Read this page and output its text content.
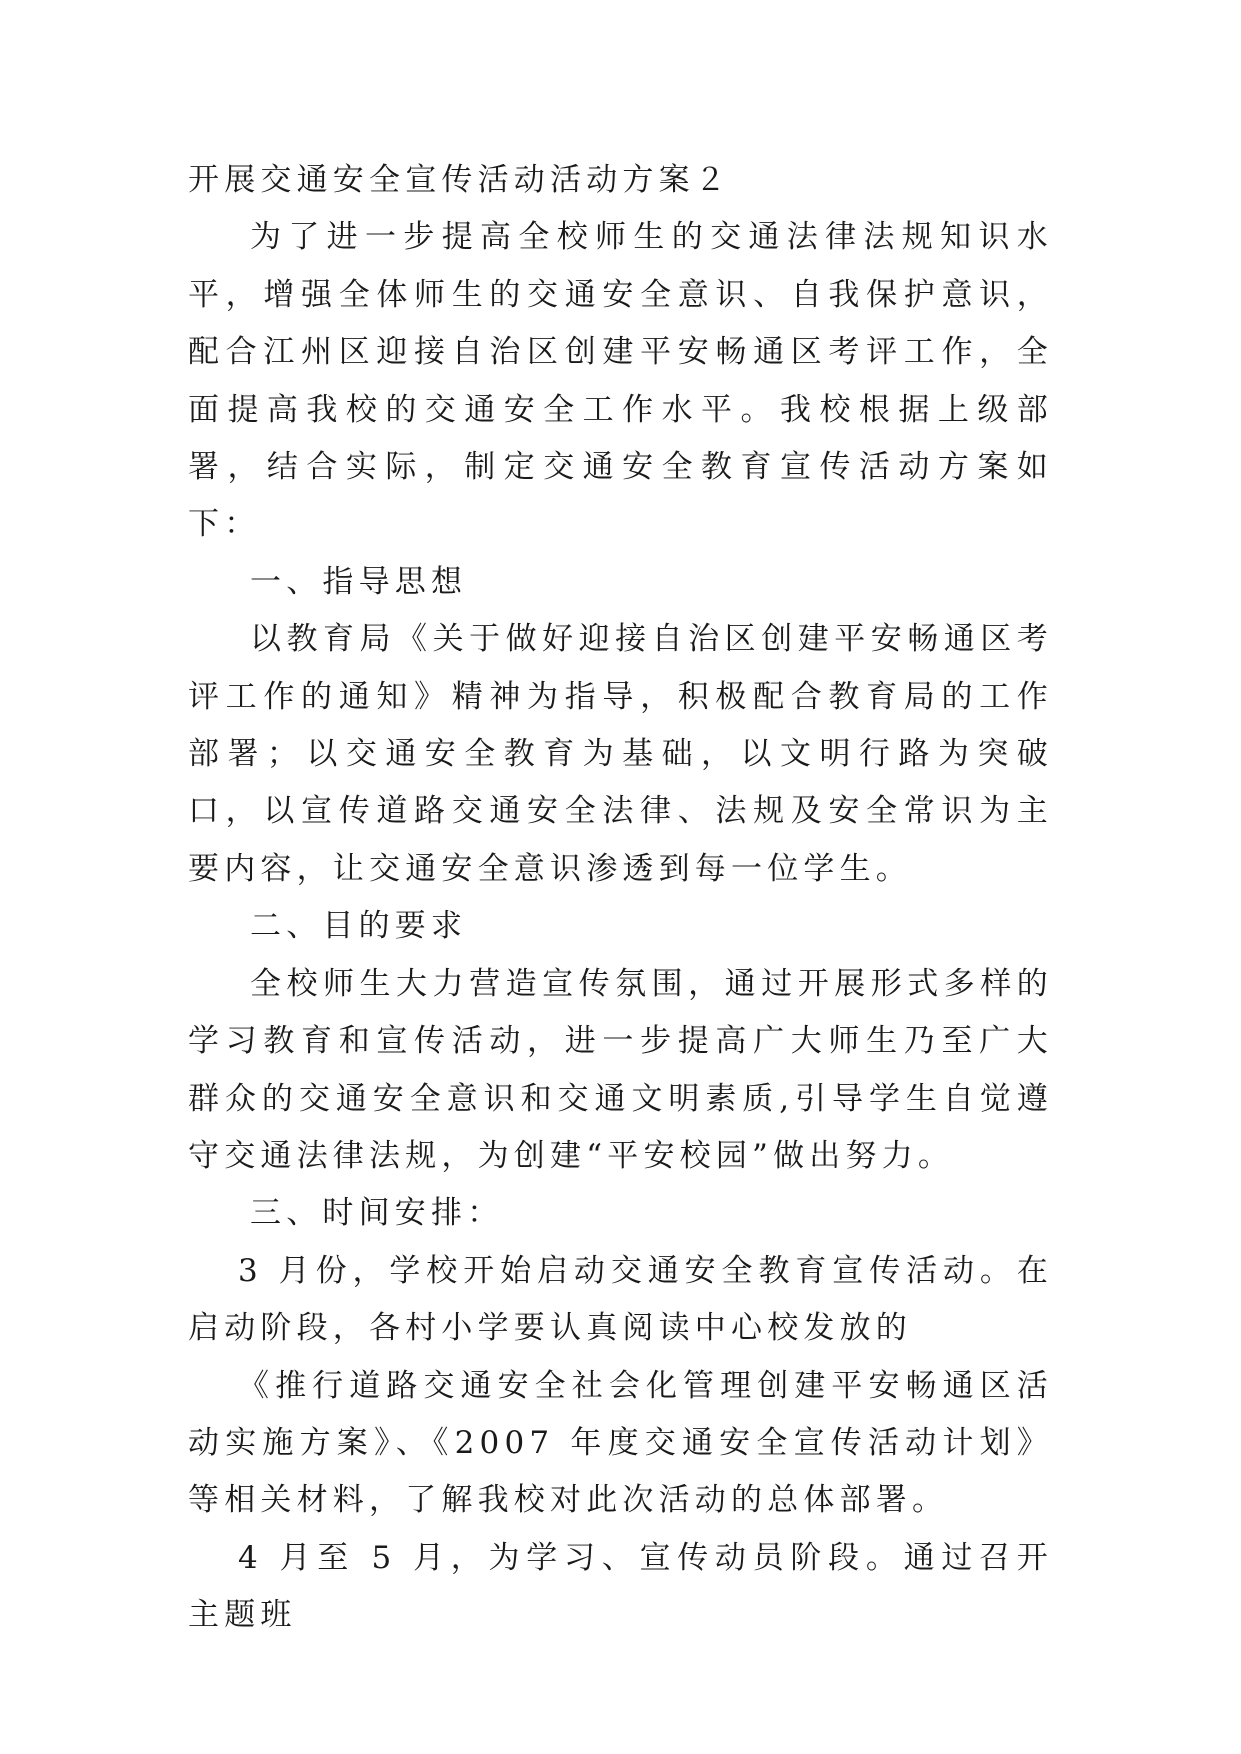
开展交通安全宣传活动活动方案２

为了进一步提高全校师生的交通法律法规知识水平，增强全体师生的交通安全意识、自我保护意识，配合江州区迎接自治区创建平安畅通区考评工作，全面提高我校的交通安全工作水平。我校根据上级部署，结合实际，制定交通安全教育宣传活动方案如下：

一、指导思想

以教育局《关于做好迎接自治区创建平安畅通区考评工作的通知》精神为指导，积极配合教育局的工作部署；以交通安全教育为基础，以文明行路为突破口，以宣传道路交通安全法律、法规及安全常识为主要内容，让交通安全意识渗透到每一位学生。

二、目的要求

全校师生大力营造宣传氛围，通过开展形式多样的学习教育和宣传活动，进一步提高广大师生乃至广大群众的交通安全意识和交通文明素质,引导学生自觉遵守交通法律法规，为创建“平安校园”做出努力。

三、时间安排：

3 月份，学校开始启动交通安全教育宣传活动。在启动阶段，各村小学要认真阅读中心校发放的

《推行道路交通安全社会化管理创建平安畅通区活动实施方案》、《2007 年度交通安全宣传活动计划》等相关材料，了解我校对此次活动的总体部署。

4 月至 5 月，为学习、宣传动员阶段。通过召开主题班
